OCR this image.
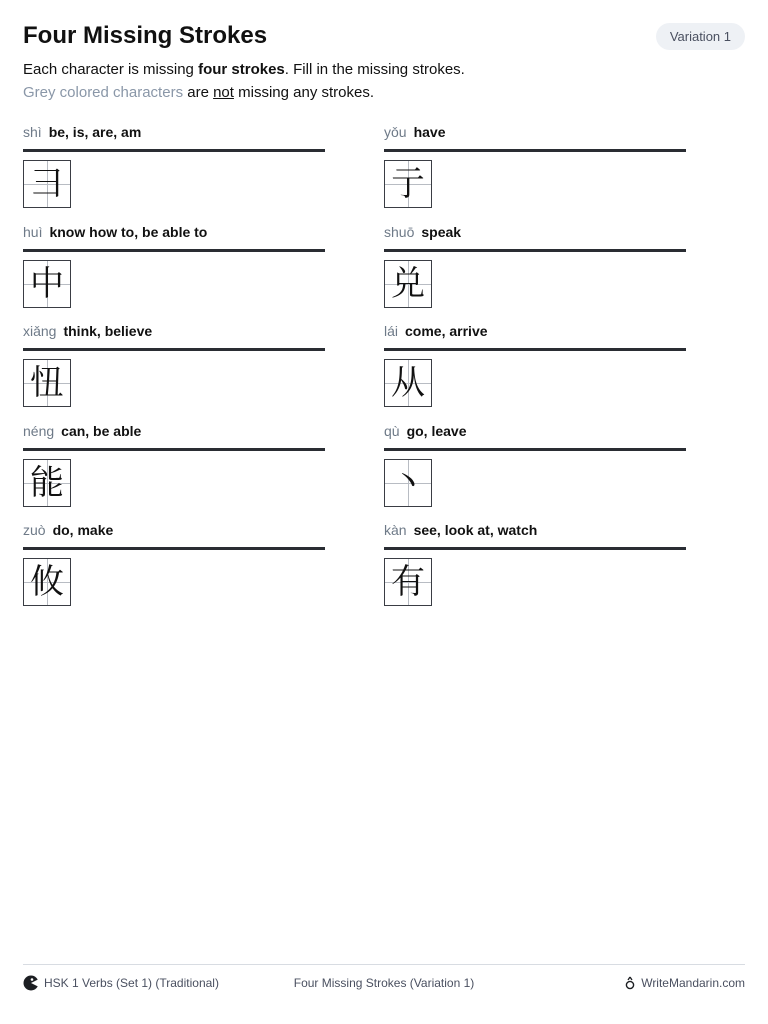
Four Missing Strokes	Variation 1

Each character is missing four strokes. Fill in the missing strokes.

Grey colored characters are not missing any strokes.

shì be, is, are, am
彐
yǒu have
亍
huì know how to, be able to
中
shuō speak
兑
xiǎng think, believe
忸
lái come, arrive
从
néng can, be able
能
qù go, leave
丶
zuò do, make
攸
kàn see, look at, watch
有
HSK 1 Verbs (Set 1) (Traditional)	Four Missing Strokes (Variation 1)	WriteMandarin.com
